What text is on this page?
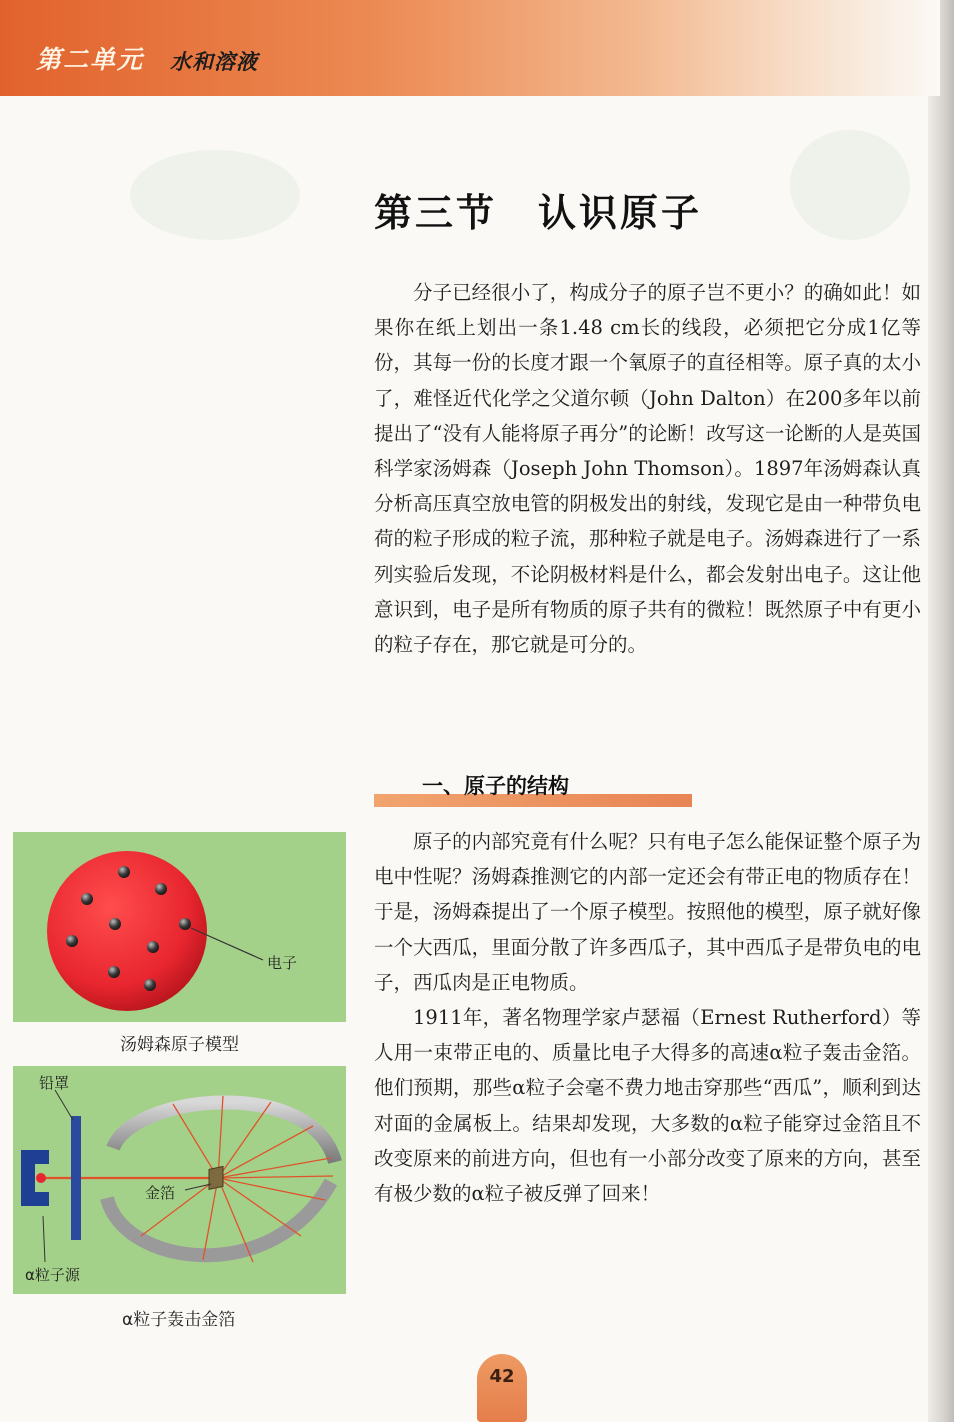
第二单元 水和溶液
第三节　认识原子

分子已经很小了，构成分子的原子岂不更小？的确如此！如果你在纸上划出一条1.48 cm长的线段，必须把它分成1亿等份，其每一份的长度才跟一个氧原子的直径相等。原子真的太小了，难怪近代化学之父道尔顿（John Dalton）在200多年以前提出了“没有人能将原子再分”的论断！改写这一论断的人是英国科学家汤姆森（Joseph John Thomson）。1897年汤姆森认真分析高压真空放电管的阴极发出的射线，发现它是由一种带负电荷的粒子形成的粒子流，那种粒子就是电子。汤姆森进行了一系列实验后发现，不论阴极材料是什么，都会发射出电子。这让他意识到，电子是所有物质的原子共有的微粒！既然原子中有更小的粒子存在，那它就是可分的。

一、原子的结构

原子的内部究竟有什么呢？只有电子怎么能保证整个原子为电中性呢？汤姆森推测它的内部一定还会有带正电的物质存在！于是，汤姆森提出了一个原子模型。按照他的模型，原子就好像一个大西瓜，里面分散了许多西瓜子，其中西瓜子是带负电的电子，西瓜肉是正电物质。

1911年，著名物理学家卢瑟福（Ernest Rutherford）等人用一束带正电的、质量比电子大得多的高速α粒子轰击金箔。他们预期，那些α粒子会毫不费力地击穿那些“西瓜”，顺利到达对面的金属板上。结果却发现，大多数的α粒子能穿过金箔且不改变原来的前进方向，但也有一小部分改变了原来的方向，甚至有极少数的α粒子被反弹了回来！

电子
汤姆森原子模型
铅罩
金箔
α粒子源
α粒子轰击金箔
42
